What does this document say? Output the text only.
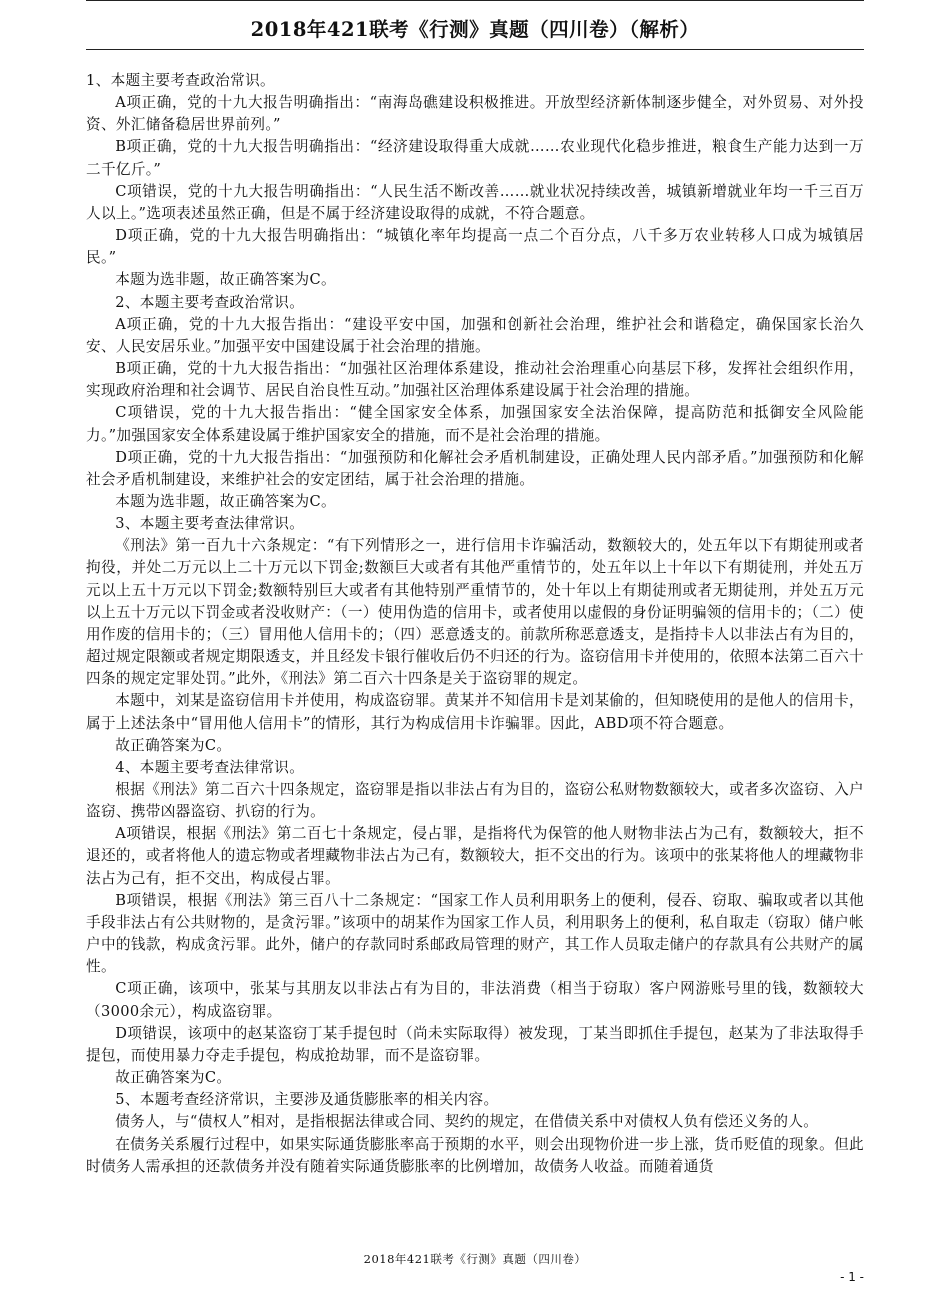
2018年421联考《行测》真题（四川卷）（解析）

1、本题主要考查政治常识。

A项正确，党的十九大报告明确指出：“南海岛礁建设积极推进。开放型经济新体制逐步健全，对外贸易、对外投资、外汇储备稳居世界前列。”

B项正确，党的十九大报告明确指出：“经济建设取得重大成就……农业现代化稳步推进，粮食生产能力达到一万二千亿斤。”

C项错误，党的十九大报告明确指出：“人民生活不断改善……就业状况持续改善，城镇新增就业年均一千三百万人以上。”选项表述虽然正确，但是不属于经济建设取得的成就，不符合题意。

D项正确，党的十九大报告明确指出：“城镇化率年均提高一点二个百分点，八千多万农业转移人口成为城镇居民。”

本题为选非题，故正确答案为C。

2、本题主要考查政治常识。

A项正确，党的十九大报告指出：“建设平安中国，加强和创新社会治理，维护社会和谐稳定，确保国家长治久安、人民安居乐业。”加强平安中国建设属于社会治理的措施。

B项正确，党的十九大报告指出：“加强社区治理体系建设，推动社会治理重心向基层下移，发挥社会组织作用，实现政府治理和社会调节、居民自治良性互动。”加强社区治理体系建设属于社会治理的措施。

C项错误，党的十九大报告指出：“健全国家安全体系，加强国家安全法治保障，提高防范和抵御安全风险能力。”加强国家安全体系建设属于维护国家安全的措施，而不是社会治理的措施。

D项正确，党的十九大报告指出：“加强预防和化解社会矛盾机制建设，正确处理人民内部矛盾。”加强预防和化解社会矛盾机制建设，来维护社会的安定团结，属于社会治理的措施。

本题为选非题，故正确答案为C。

3、本题主要考查法律常识。

《刑法》第一百九十六条规定：“有下列情形之一，进行信用卡诈骗活动，数额较大的，处五年以下有期徒刑或者拘役，并处二万元以上二十万元以下罚金;数额巨大或者有其他严重情节的，处五年以上十年以下有期徒刑，并处五万元以上五十万元以下罚金;数额特别巨大或者有其他特别严重情节的，处十年以上有期徒刑或者无期徒刑，并处五万元以上五十万元以下罚金或者没收财产：（一）使用伪造的信用卡，或者使用以虚假的身份证明骗领的信用卡的；（二）使用作废的信用卡的；（三）冒用他人信用卡的；（四）恶意透支的。前款所称恶意透支，是指持卡人以非法占有为目的，超过规定限额或者规定期限透支，并且经发卡银行催收后仍不归还的行为。盗窃信用卡并使用的，依照本法第二百六十四条的规定定罪处罚。”此外，《刑法》第二百六十四条是关于盗窃罪的规定。

本题中，刘某是盗窃信用卡并使用，构成盗窃罪。黄某并不知信用卡是刘某偷的，但知晓使用的是他人的信用卡，属于上述法条中“冒用他人信用卡”的情形，其行为构成信用卡诈骗罪。因此，ABD项不符合题意。

故正确答案为C。

4、本题主要考查法律常识。

根据《刑法》第二百六十四条规定，盗窃罪是指以非法占有为目的，盗窃公私财物数额较大，或者多次盗窃、入户盗窃、携带凶器盗窃、扒窃的行为。

A项错误，根据《刑法》第二百七十条规定，侵占罪，是指将代为保管的他人财物非法占为己有，数额较大，拒不退还的，或者将他人的遗忘物或者埋藏物非法占为己有，数额较大，拒不交出的行为。该项中的张某将他人的埋藏物非法占为己有，拒不交出，构成侵占罪。

B项错误，根据《刑法》第三百八十二条规定：“国家工作人员利用职务上的便利，侵吞、窃取、骗取或者以其他手段非法占有公共财物的，是贪污罪。”该项中的胡某作为国家工作人员，利用职务上的便利，私自取走（窃取）储户帐户中的钱款，构成贪污罪。此外，储户的存款同时系邮政局管理的财产，其工作人员取走储户的存款具有公共财产的属性。

C项正确，该项中，张某与其朋友以非法占有为目的，非法消费（相当于窃取）客户网游账号里的钱，数额较大（3000余元），构成盗窃罪。

D项错误，该项中的赵某盗窃丁某手提包时（尚未实际取得）被发现，丁某当即抓住手提包，赵某为了非法取得手提包，而使用暴力夺走手提包，构成抢劫罪，而不是盗窃罪。

故正确答案为C。

5、本题考查经济常识，主要涉及通货膨胀率的相关内容。

债务人，与“债权人”相对，是指根据法律或合同、契约的规定，在借债关系中对债权人负有偿还义务的人。

在债务关系履行过程中，如果实际通货膨胀率高于预期的水平，则会出现物价进一步上涨，货币贬值的现象。但此时债务人需承担的还款债务并没有随着实际通货膨胀率的比例增加，故债务人收益。而随着通货

2018年421联考《行测》真题（四川卷）
- 1 -
